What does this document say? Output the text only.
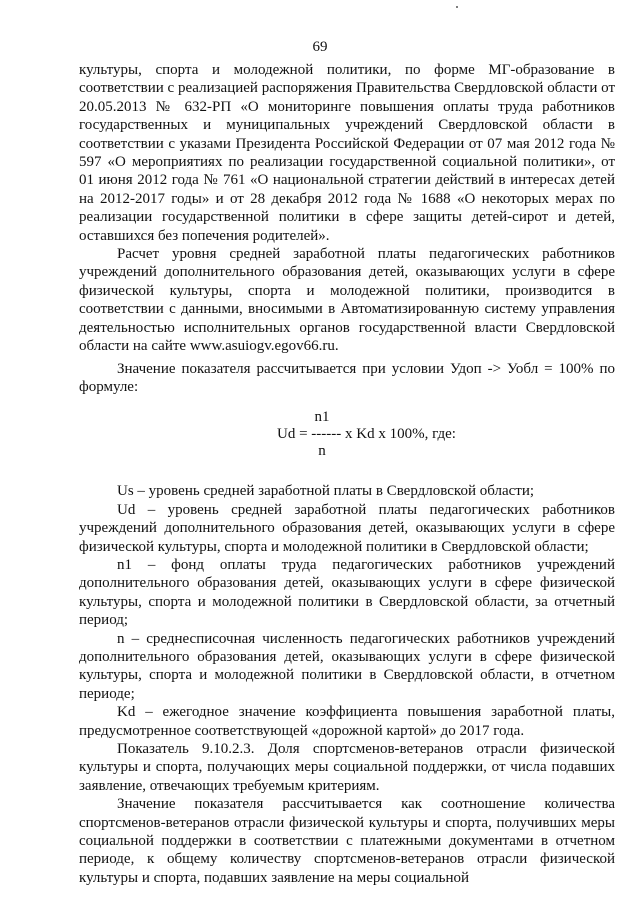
69

культуры, спорта и молодежной политики, по форме МГ-образование в соответствии с реализацией распоряжения Правительства Свердловской области от 20.05.2013 № 632-РП «О мониторинге повышения оплаты труда работников государственных и муниципальных учреждений Свердловской области в соответствии с указами Президента Российской Федерации от 07 мая 2012 года № 597 «О мероприятиях по реализации государственной социальной политики», от 01 июня 2012 года № 761 «О национальной стратегии действий в интересах детей на 2012-2017 годы» и от 28 декабря 2012 года № 1688 «О некоторых мерах по реализации государственной политики в сфере защиты детей-сирот и детей, оставшихся без попечения родителей».

Расчет уровня средней заработной платы педагогических работников учреждений дополнительного образования детей, оказывающих услуги в сфере физической культуры, спорта и молодежной политики, производится в соответствии с данными, вносимыми в Автоматизированную систему управления деятельностью исполнительных органов государственной власти Свердловской области на сайте www.asuiogv.egov66.ru.

Значение показателя рассчитывается при условии Удоп -> Уобл = 100% по формуле:

n1
Ud = ------ x Kd x 100%, где:
n

Us – уровень средней заработной платы в Свердловской области;

Ud – уровень средней заработной платы педагогических работников учреждений дополнительного образования детей, оказывающих услуги в сфере физической культуры, спорта и молодежной политики в Свердловской области;

n1 – фонд оплаты труда педагогических работников учреждений дополнительного образования детей, оказывающих услуги в сфере физической культуры, спорта и молодежной политики в Свердловской области, за отчетный период;

n – среднесписочная численность педагогических работников учреждений дополнительного образования детей, оказывающих услуги в сфере физической культуры, спорта и молодежной политики в Свердловской области, в отчетном периоде;

Kd – ежегодное значение коэффициента повышения заработной платы, предусмотренное соответствующей «дорожной картой» до 2017 года.

Показатель 9.10.2.3. Доля спортсменов-ветеранов отрасли физической культуры и спорта, получающих меры социальной поддержки, от числа подавших заявление, отвечающих требуемым критериям.

Значение показателя рассчитывается как соотношение количества спортсменов-ветеранов отрасли физической культуры и спорта, получивших меры социальной поддержки в соответствии с платежными документами в отчетном периоде, к общему количеству спортсменов-ветеранов отрасли физической культуры и спорта, подавших заявление на меры социальной
